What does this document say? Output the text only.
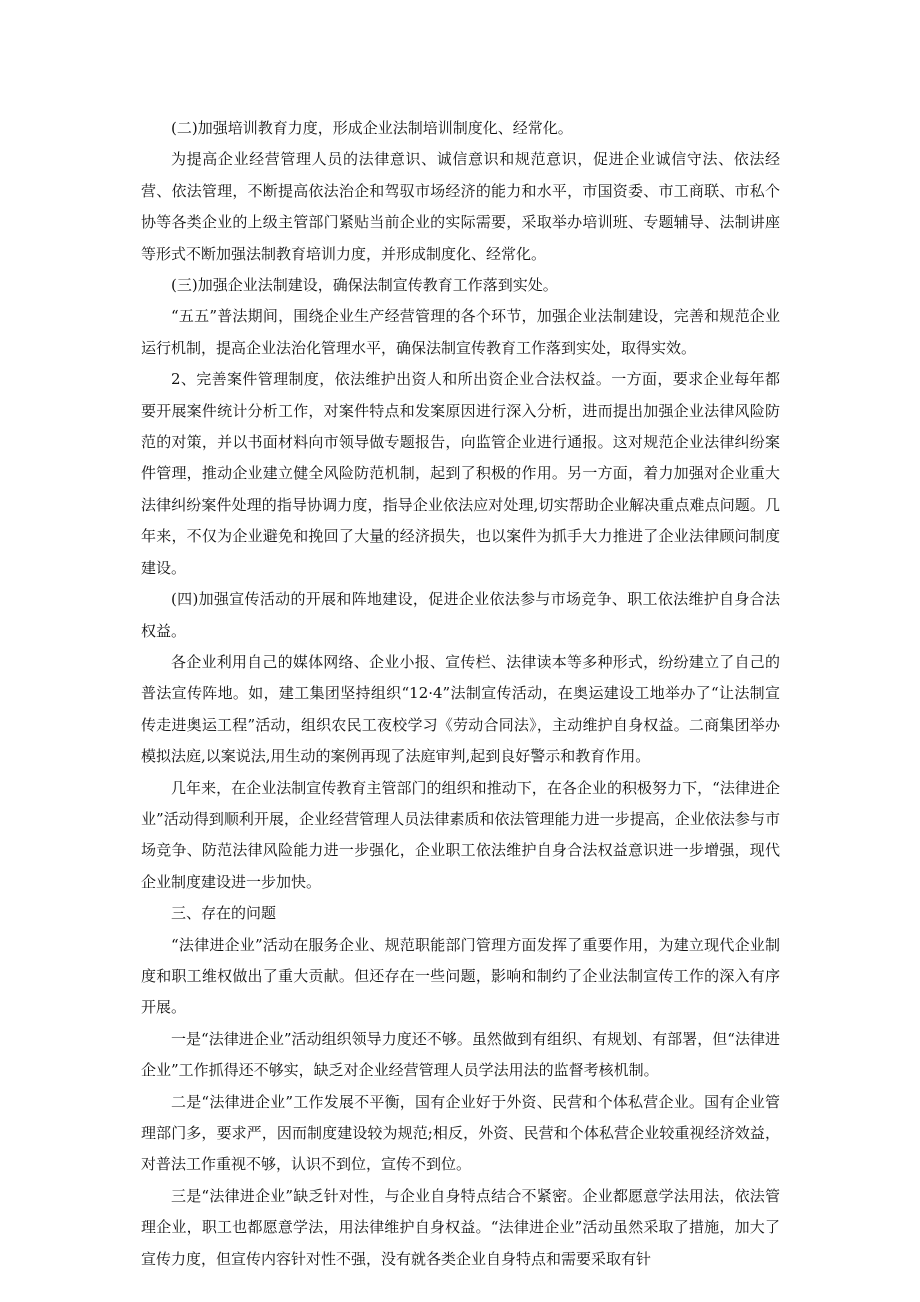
(二)加强培训教育力度，形成企业法制培训制度化、经常化。

为提高企业经营管理人员的法律意识、诚信意识和规范意识，促进企业诚信守法、依法经营、依法管理，不断提高依法治企和驾驭市场经济的能力和水平，市国资委、市工商联、市私个协等各类企业的上级主管部门紧贴当前企业的实际需要，采取举办培训班、专题辅导、法制讲座等形式不断加强法制教育培训力度，并形成制度化、经常化。

(三)加强企业法制建设，确保法制宣传教育工作落到实处。

“五五”普法期间，围绕企业生产经营管理的各个环节，加强企业法制建设，完善和规范企业运行机制，提高企业法治化管理水平，确保法制宣传教育工作落到实处，取得实效。

2、完善案件管理制度，依法维护出资人和所出资企业合法权益。一方面，要求企业每年都要开展案件统计分析工作，对案件特点和发案原因进行深入分析，进而提出加强企业法律风险防范的对策，并以书面材料向市领导做专题报告，向监管企业进行通报。这对规范企业法律纠纷案件管理，推动企业建立健全风险防范机制，起到了积极的作用。另一方面，着力加强对企业重大法律纠纷案件处理的指导协调力度，指导企业依法应对处理,切实帮助企业解决重点难点问题。几年来，不仅为企业避免和挽回了大量的经济损失，也以案件为抓手大力推进了企业法律顾问制度建设。

(四)加强宣传活动的开展和阵地建设，促进企业依法参与市场竞争、职工依法维护自身合法权益。

各企业利用自己的媒体网络、企业小报、宣传栏、法律读本等多种形式，纷纷建立了自己的普法宣传阵地。如，建工集团坚持组织“12·4”法制宣传活动，在奥运建设工地举办了“让法制宣传走进奥运工程”活动，组织农民工夜校学习《劳动合同法》，主动维护自身权益。二商集团举办模拟法庭,以案说法,用生动的案例再现了法庭审判,起到良好警示和教育作用。

几年来，在企业法制宣传教育主管部门的组织和推动下，在各企业的积极努力下，“法律进企业”活动得到顺利开展，企业经营管理人员法律素质和依法管理能力进一步提高，企业依法参与市场竞争、防范法律风险能力进一步强化，企业职工依法维护自身合法权益意识进一步增强，现代企业制度建设进一步加快。

三、存在的问题

“法律进企业”活动在服务企业、规范职能部门管理方面发挥了重要作用，为建立现代企业制度和职工维权做出了重大贡献。但还存在一些问题，影响和制约了企业法制宣传工作的深入有序开展。

一是“法律进企业”活动组织领导力度还不够。虽然做到有组织、有规划、有部署，但“法律进企业”工作抓得还不够实，缺乏对企业经营管理人员学法用法的监督考核机制。

二是“法律进企业”工作发展不平衡，国有企业好于外资、民营和个体私营企业。国有企业管理部门多，要求严，因而制度建设较为规范;相反，外资、民营和个体私营企业较重视经济效益，对普法工作重视不够，认识不到位，宣传不到位。

三是“法律进企业”缺乏针对性，与企业自身特点结合不紧密。企业都愿意学法用法，依法管理企业，职工也都愿意学法，用法律维护自身权益。“法律进企业”活动虽然采取了措施，加大了宣传力度，但宣传内容针对性不强，没有就各类企业自身特点和需要采取有针
